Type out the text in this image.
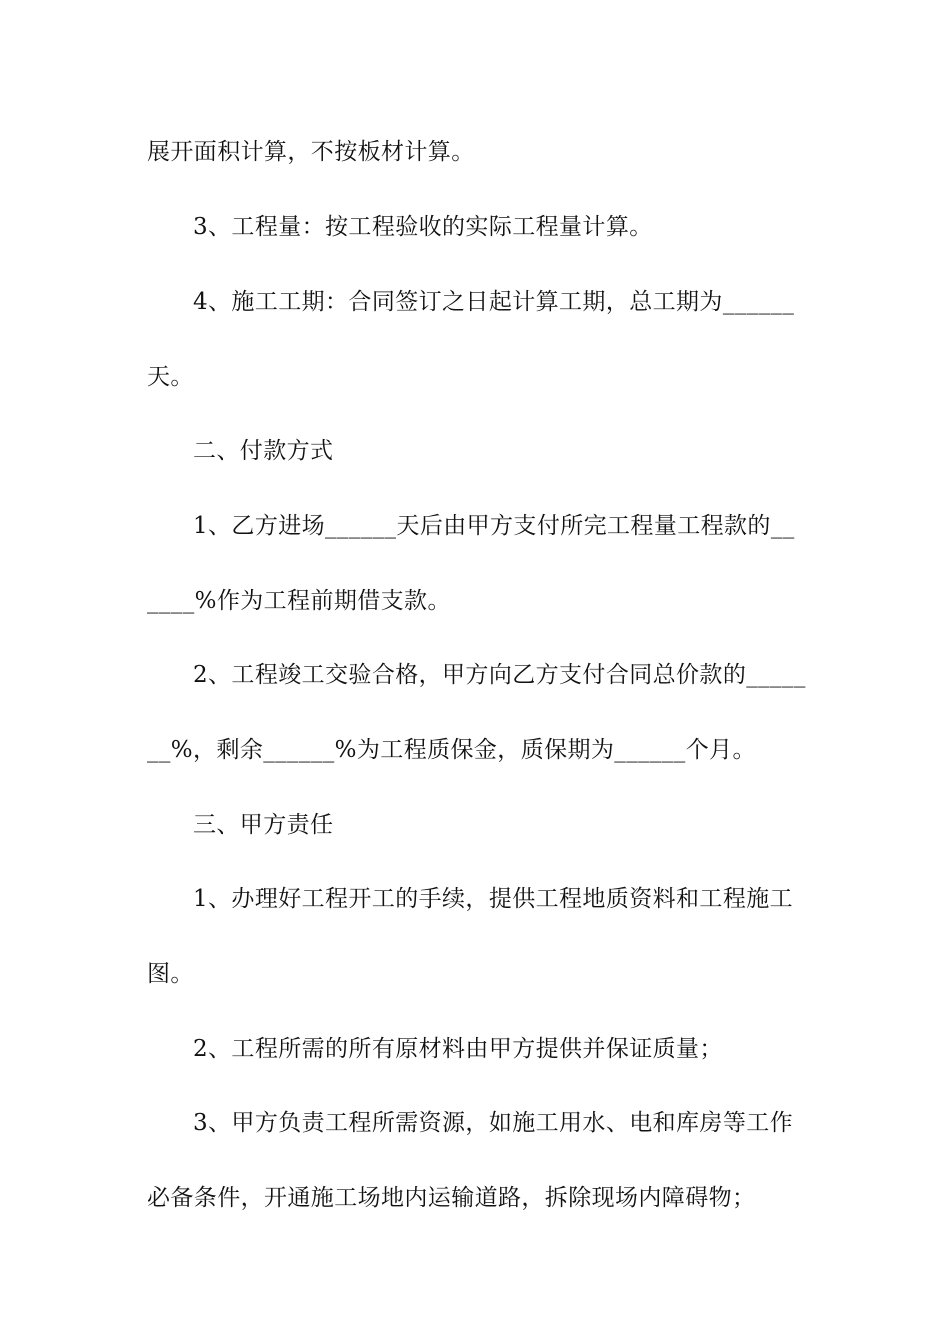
展开面积计算，不按板材计算。
3、工程量：按工程验收的实际工程量计算。
4、施工工期：合同签订之日起计算工期，总工期为______
天。
二、付款方式
1、乙方进场______天后由甲方支付所完工程量工程款的__
____%作为工程前期借支款。
2、工程竣工交验合格，甲方向乙方支付合同总价款的_____
__%，剩余______%为工程质保金，质保期为______个月。
三、甲方责任
1、办理好工程开工的手续，提供工程地质资料和工程施工
图。
2、工程所需的所有原材料由甲方提供并保证质量；
3、甲方负责工程所需资源，如施工用水、电和库房等工作
必备条件，开通施工场地内运输道路，拆除现场内障碍物；
